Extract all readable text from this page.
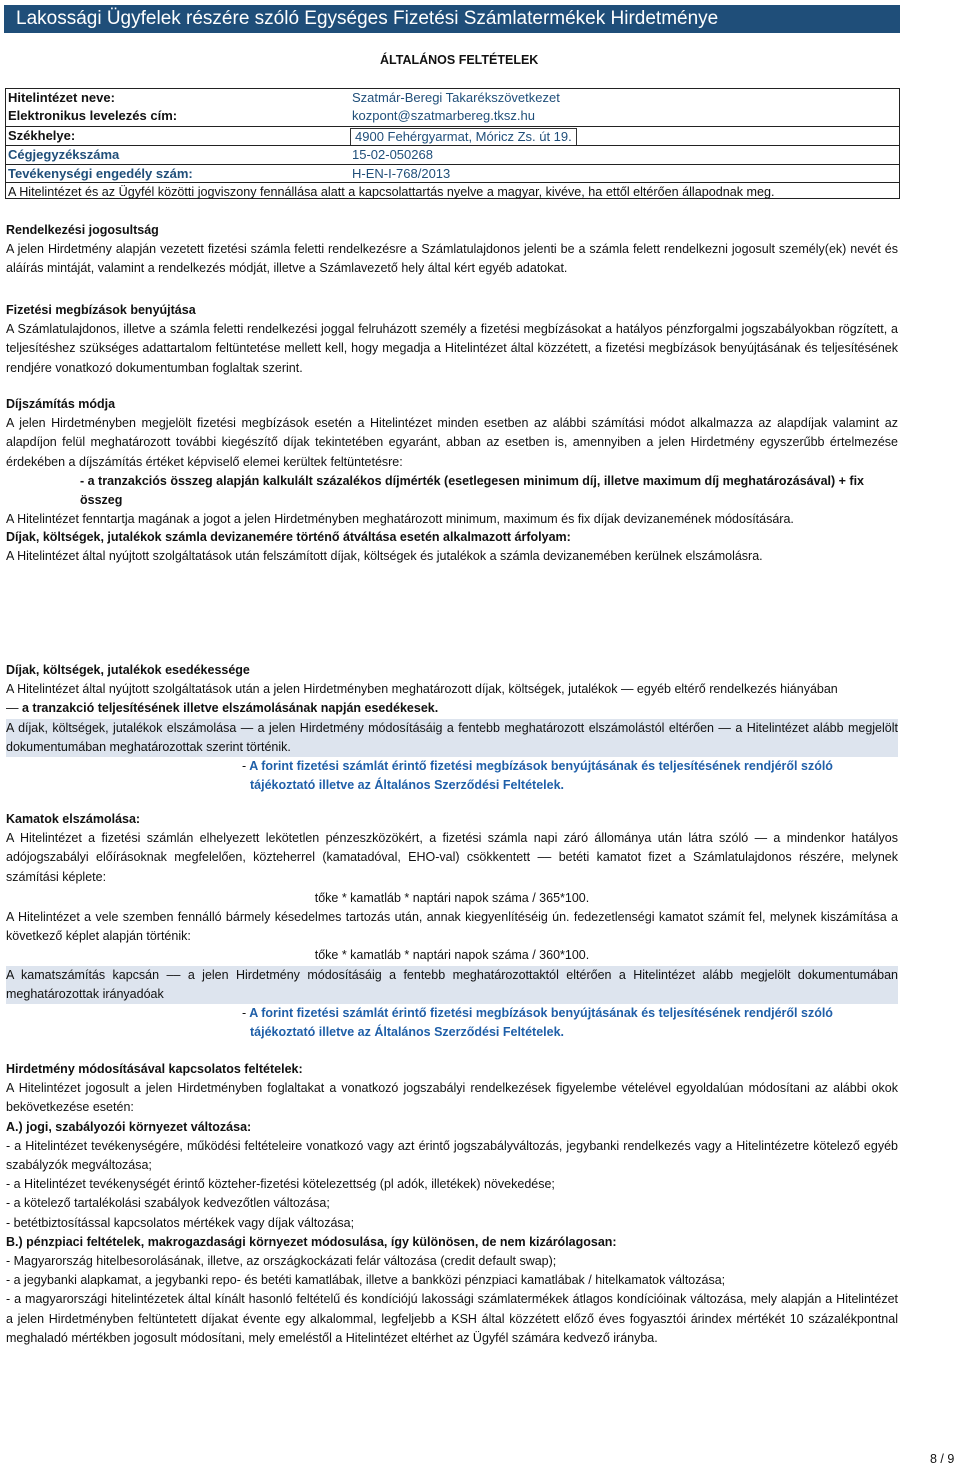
Lakossági Ügyfelek részére szóló Egységes Fizetési Számlatermékek Hirdetménye
ÁLTALÁNOS FELTÉTELEK
Hitelintézet neve:	Szatmár-Beregi Takarékszövetkezet
Elektronikus levelezés cím:	kozpont@szatmarbereg.tksz.hu
Székhelye:	4900 Fehérgyarmat, Móricz Zs. út 19.
Cégjegyzékszáma	15-02-050268
Tevékenységi engedély szám:	H-EN-I-768/2013
A Hitelintézet és az Ügyfél közötti jogviszony fennállása alatt a kapcsolattartás nyelve a magyar, kivéve, ha ettől eltérően állapodnak meg.
Rendelkezési jogosultság
A jelen Hirdetmény alapján vezetett fizetési számla feletti rendelkezésre a Számlatulajdonos jelenti be a számla felett rendelkezni jogosult személy(ek) nevét és aláírás mintáját, valamint a rendelkezés módját, illetve a Számlavezető hely által kért egyéb adatokat.
Fizetési megbízások benyújtása
A Számlatulajdonos, illetve a számla feletti rendelkezési joggal felruházott személy a fizetési megbízásokat a hatályos pénzforgalmi jogszabályokban rögzített, a teljesítéshez szükséges adattartalom feltüntetése mellett kell, hogy megadja a Hitelintézet által közzétett, a fizetési megbízások benyújtásának és teljesítésének rendjére vonatkozó dokumentumban foglaltak szerint.
Díjszámítás módja
A jelen Hirdetményben megjelölt fizetési megbízások esetén a Hitelintézet minden esetben az alábbi számítási módot alkalmazza az alapdíjak valamint az alapdíjon felül meghatározott további kiegészítő díjak tekintetében egyaránt, abban az esetben is, amennyiben a jelen Hirdetmény egyszerűbb értelmezése érdekében a díjszámítás értéket képviselő elemei kerültek feltüntetésre:
- a tranzakciós összeg alapján kalkulált százalékos díjmérték (esetlegesen minimum díj, illetve maximum díj meghatározásával) + fix összeg
A Hitelintézet fenntartja magának a jogot a jelen Hirdetményben meghatározott minimum, maximum és fix díjak devizanemének módosítására.
Díjak, költségek, jutalékok számla devizanemére történő átváltása esetén alkalmazott árfolyam:
A Hitelintézet által nyújtott szolgáltatások után felszámított díjak, költségek és jutalékok a számla devizanemében kerülnek elszámolásra.
Díjak, költségek, jutalékok esedékessége
A Hitelintézet által nyújtott szolgáltatások után a jelen Hirdetményben meghatározott díjak, költségek, jutalékok — egyéb eltérő rendelkezés hiányában
— a tranzakció teljesítésének illetve elszámolásának napján esedékesek.
A díjak, költségek, jutalékok elszámolása — a jelen Hirdetmény módosításáig a fentebb meghatározott elszámolástól eltérően — a Hitelintézet alább megjelölt dokumentumában meghatározottak szerint történik.
- A forint fizetési számlát érintő fizetési megbízások benyújtásának és teljesítésének rendjéről szóló
tájékoztató illetve az Általános Szerződési Feltételek.
Kamatok elszámolása:
A Hitelintézet a fizetési számlán elhelyezett lekötetlen pénzeszközökért, a fizetési számla napi záró állománya után látra szóló — a mindenkor hatályos adójogszabályi előírásoknak megfelelően, közteherrel (kamatadóval, EHO-val) csökkentett –– betéti kamatot fizet a Számlatulajdonos részére, melynek számítási képlete:
tőke * kamatláb * naptári napok száma / 365*100.
A Hitelintézet a vele szemben fennálló bármely késedelmes tartozás után, annak kiegyenlítéséig ún. fedezetlenségi kamatot számít fel, melynek kiszámítása a következő képlet alapján történik:
tőke * kamatláb * naptári napok száma / 360*100.
A kamatszámítás kapcsán –– a jelen Hirdetmény módosításáig a fentebb meghatározottaktól eltérően a Hitelintézet alább megjelölt dokumentumában meghatározottak irányadóak
- A forint fizetési számlát érintő fizetési megbízások benyújtásának és teljesítésének rendjéről szóló
tájékoztató illetve az Általános Szerződési Feltételek.
Hirdetmény módosításával kapcsolatos feltételek:
A Hitelintézet jogosult a jelen Hirdetményben foglaltakat a vonatkozó jogszabályi rendelkezések figyelembe vételével egyoldalúan módosítani az alábbi okok bekövetkezése esetén:
A.) jogi, szabályozói környezet változása:
- a Hitelintézet tevékenységére, működési feltételeire vonatkozó vagy azt érintő jogszabályváltozás, jegybanki rendelkezés vagy a Hitelintézetre kötelező egyéb szabályzók megváltozása;
- a Hitelintézet tevékenységét érintő közteher-fizetési kötelezettség (pl adók, illetékek) növekedése;
- a kötelező tartalékolási szabályok kedvezőtlen változása;
- betétbiztosítással kapcsolatos mértékek vagy díjak változása;
B.) pénzpiaci feltételek, makrogazdasági környezet módosulása, így különösen, de nem kizárólagosan:
- Magyarország hitelbesorolásának, illetve, az országkockázati felár változása (credit default swap);
- a jegybanki alapkamat, a jegybanki repo- és betéti kamatlábak, illetve a bankközi pénzpiaci kamatlábak / hitelkamatok változása;
- a magyarországi hitelintézetek által kínált hasonló feltételű és kondíciójú lakossági számlatermékek átlagos kondícióinak változása, mely alapján a Hitelintézet a jelen Hirdetményben feltüntetett díjakat évente egy alkalommal, legfeljebb a KSH által közzétett előző éves fogyasztói árindex mértékét 10 százalékpontnal meghaladó mértékben jogosult módosítani, mely emeléstől a Hitelintézet eltérhet az Ügyfél számára kedvező irányba.
8 / 9
